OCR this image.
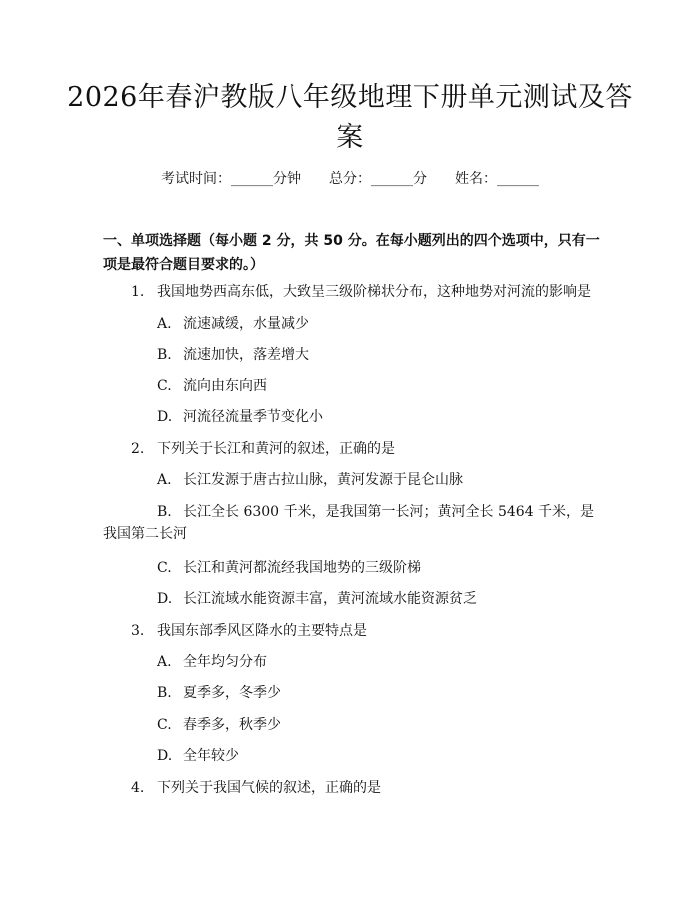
2026年春沪教版八年级地理下册单元测试及答案
考试时间：______分钟 总分：______分 姓名：______
一、单项选择题（每小题 2 分，共 50 分。在每小题列出的四个选项中，只有一项是最符合题目要求的。）
1. 我国地势西高东低，大致呈三级阶梯状分布，这种地势对河流的影响是
A. 流速减缓，水量减少
B. 流速加快，落差增大
C. 流向由东向西
D. 河流径流量季节变化小
2. 下列关于长江和黄河的叙述，正确的是
A. 长江发源于唐古拉山脉，黄河发源于昆仑山脉
B. 长江全长 6300 千米，是我国第一长河；黄河全长 5464 千米，是我国第二长河
C. 长江和黄河都流经我国地势的三级阶梯
D. 长江流域水能资源丰富，黄河流域水能资源贫乏
3. 我国东部季风区降水的主要特点是
A. 全年均匀分布
B. 夏季多，冬季少
C. 春季多，秋季少
D. 全年较少
4. 下列关于我国气候的叙述，正确的是
